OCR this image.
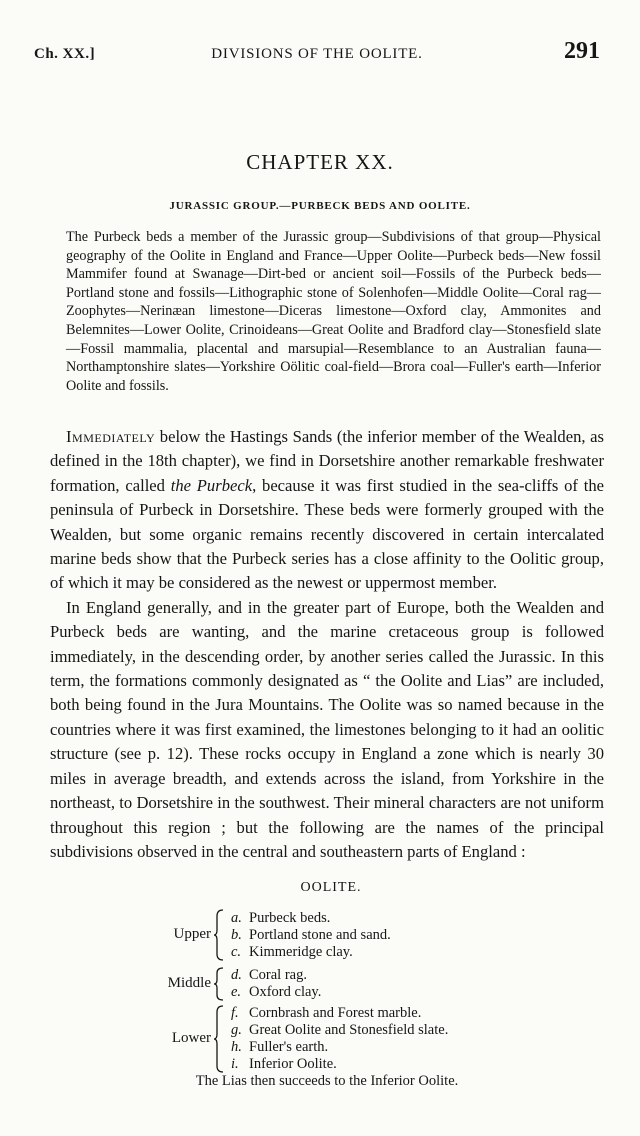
Ch. XX.]	DIVISIONS OF THE OOLITE.	291
CHAPTER XX.
JURASSIC GROUP.—PURBECK BEDS AND OOLITE.
The Purbeck beds a member of the Jurassic group—Subdivisions of that group—Physical geography of the Oolite in England and France—Upper Oolite—Purbeck beds—New fossil Mammifer found at Swanage—Dirt-bed or ancient soil—Fossils of the Purbeck beds—Portland stone and fossils—Lithographic stone of Solenhofen—Middle Oolite—Coral rag—Zoophytes—Nerinæan limestone—Diceras limestone—Oxford clay, Ammonites and Belemnites—Lower Oolite, Crinoideans—Great Oolite and Bradford clay—Stonesfield slate—Fossil mammalia, placental and marsupial—Resemblance to an Australian fauna—Northamptonshire slates—Yorkshire Oölitic coal-field—Brora coal—Fuller's earth—Inferior Oolite and fossils.

Immediately below the Hastings Sands (the inferior member of the Wealden, as defined in the 18th chapter), we find in Dorsetshire another remarkable freshwater formation, called the Purbeck, because it was first studied in the sea-cliffs of the peninsula of Purbeck in Dorsetshire. These beds were formerly grouped with the Wealden, but some organic remains recently discovered in certain intercalated marine beds show that the Purbeck series has a close affinity to the Oolitic group, of which it may be considered as the newest or uppermost member.

In England generally, and in the greater part of Europe, both the Wealden and Purbeck beds are wanting, and the marine cretaceous group is followed immediately, in the descending order, by another series called the Jurassic. In this term, the formations commonly designated as “ the Oolite and Lias” are included, both being found in the Jura Mountains. The Oolite was so named because in the countries where it was first examined, the limestones belonging to it had an oolitic structure (see p. 12). These rocks occupy in England a zone which is nearly 30 miles in average breadth, and extends across the island, from Yorkshire in the northeast, to Dorsetshire in the southwest. Their mineral characters are not uniform throughout this region ; but the following are the names of the principal subdivisions observed in the central and southeastern parts of England :

OOLITE.
Upper
a. Purbeck beds.
b. Portland stone and sand.
c. Kimmeridge clay.
Middle d. Coral rag.
e. Oxford clay.
Lower
f. Cornbrash and Forest marble.
g. Great Oolite and Stonesfield slate.
h. Fuller's earth.
i. Inferior Oolite.
The Lias then succeeds to the Inferior Oolite.
